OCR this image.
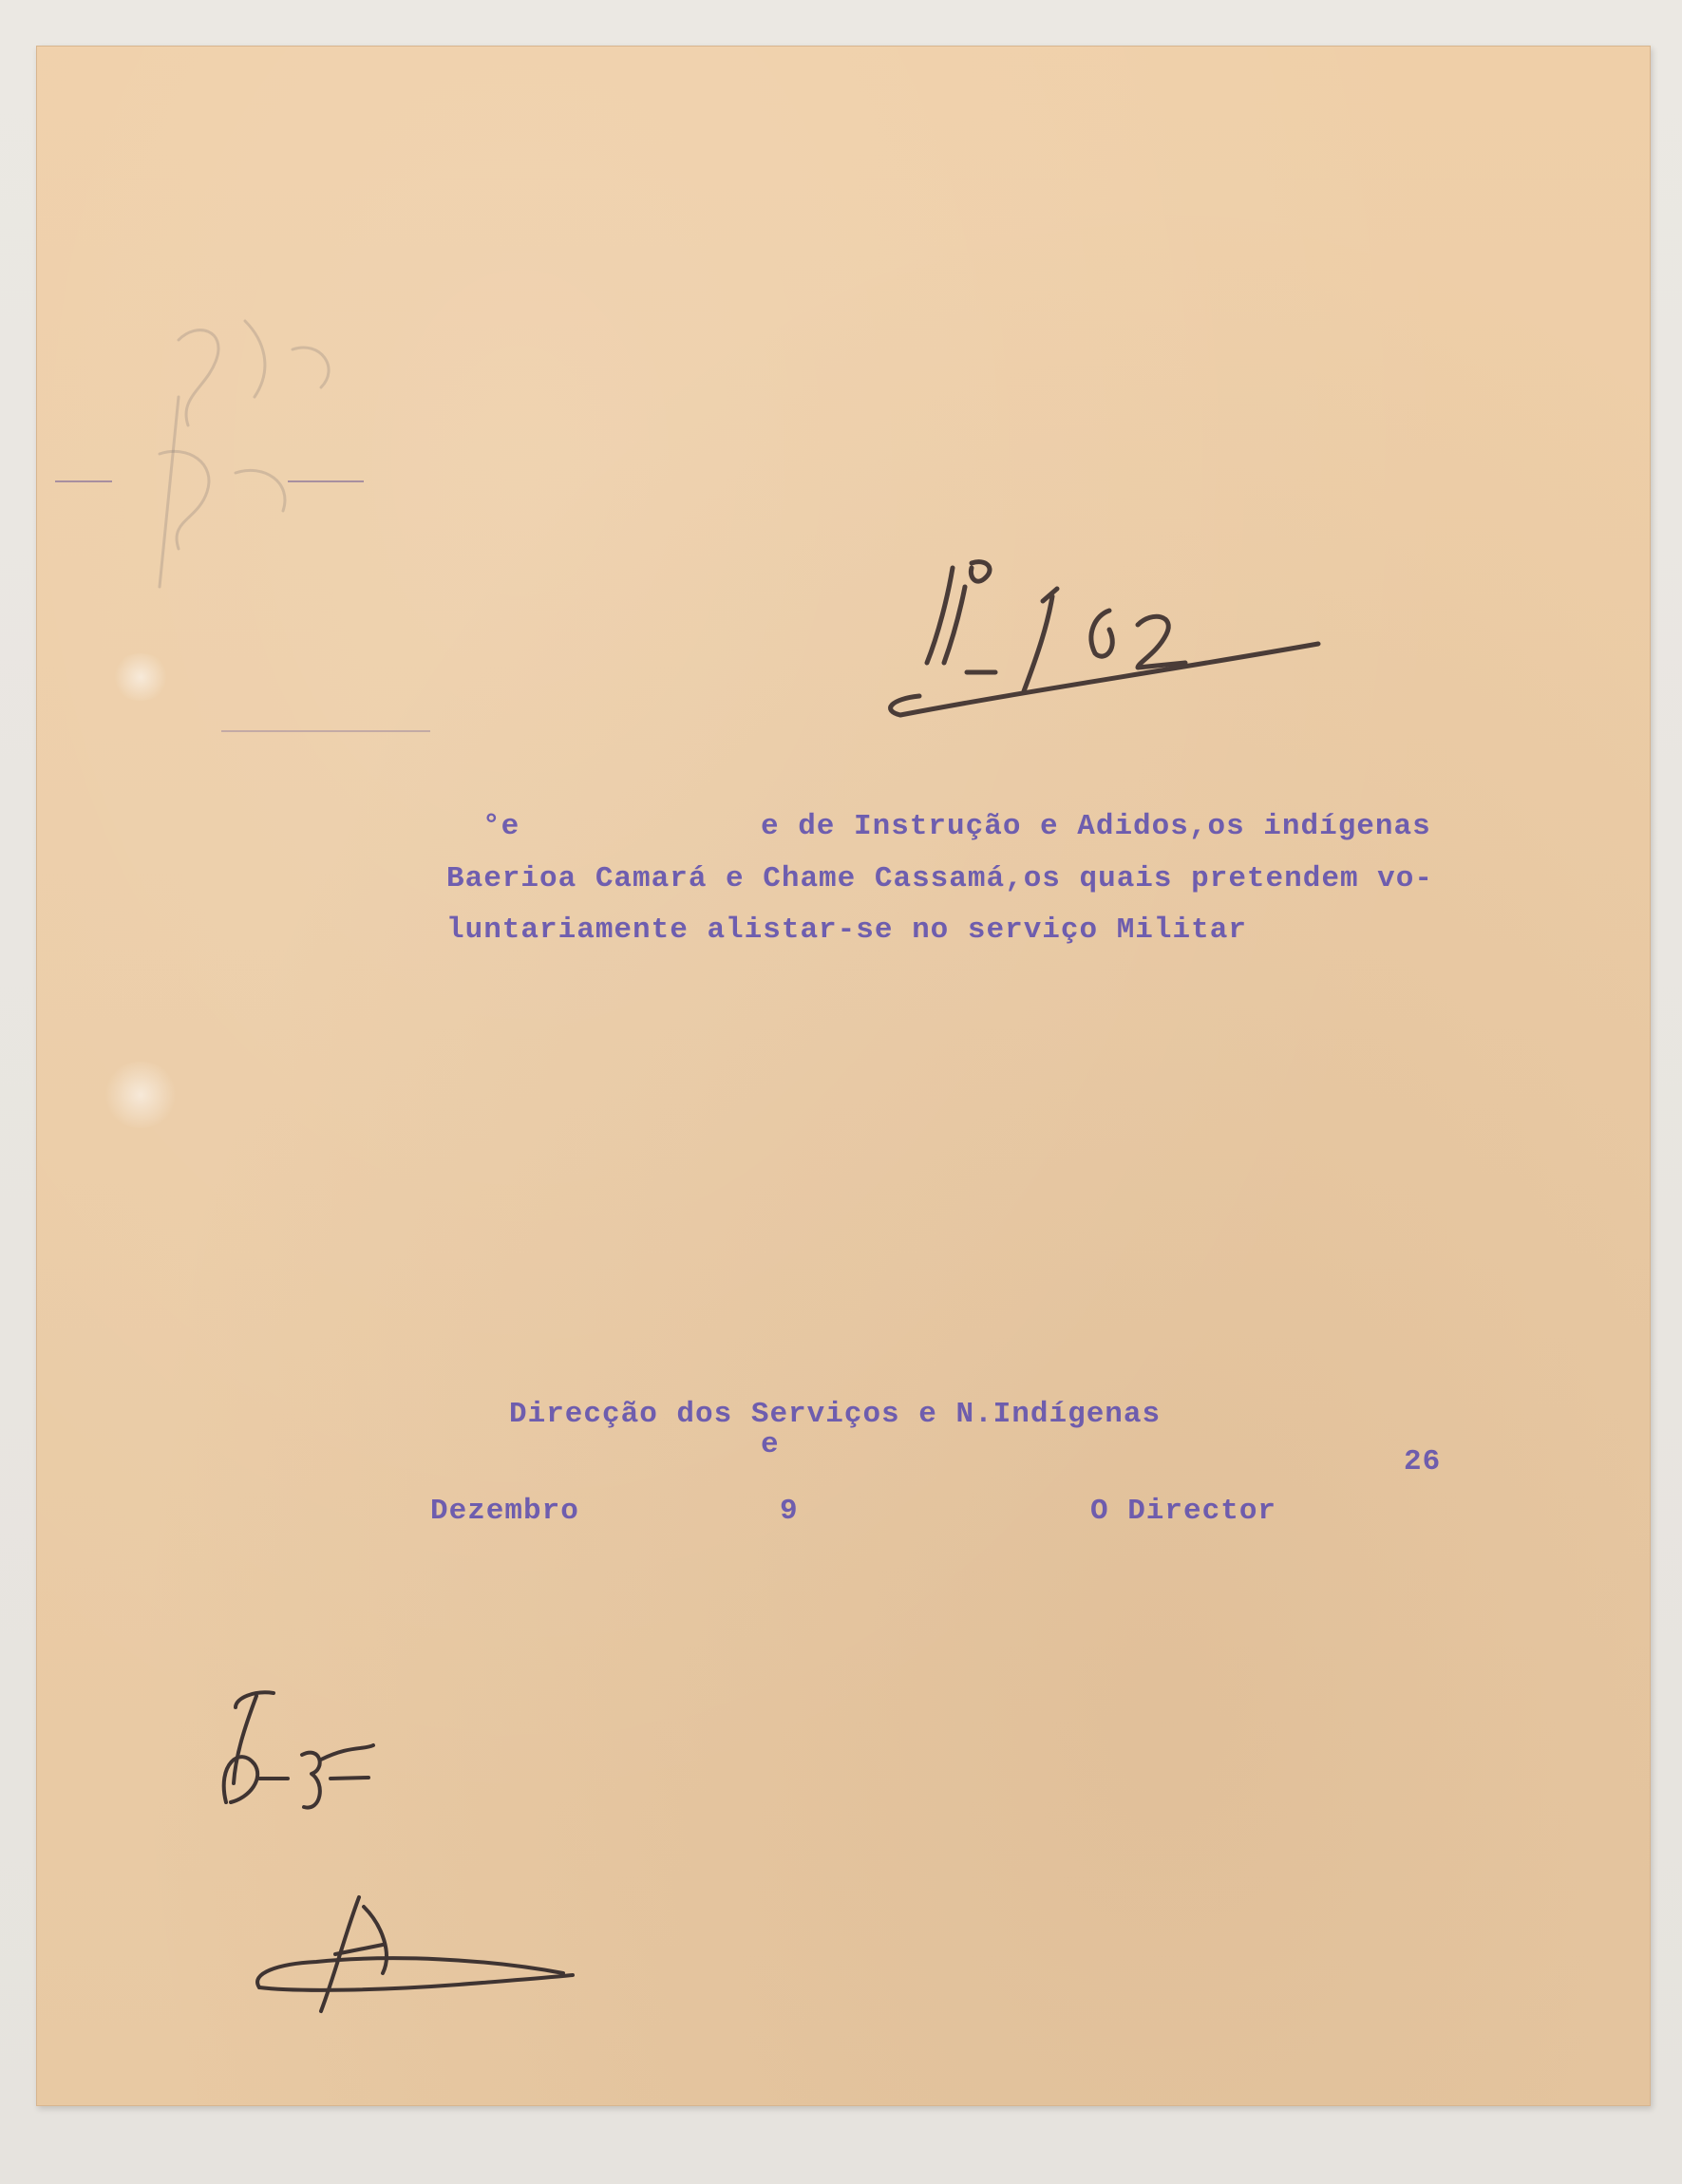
°e	e de Instrução e Adidos,os indígenas
Baerioa Camará e Chame Cassamá,os quais pretendem vo-
luntariamente alistar-se no serviço Militar
Direcção dos Serviços e N.Indígenas
e
26
Dezembro	9	O Director
